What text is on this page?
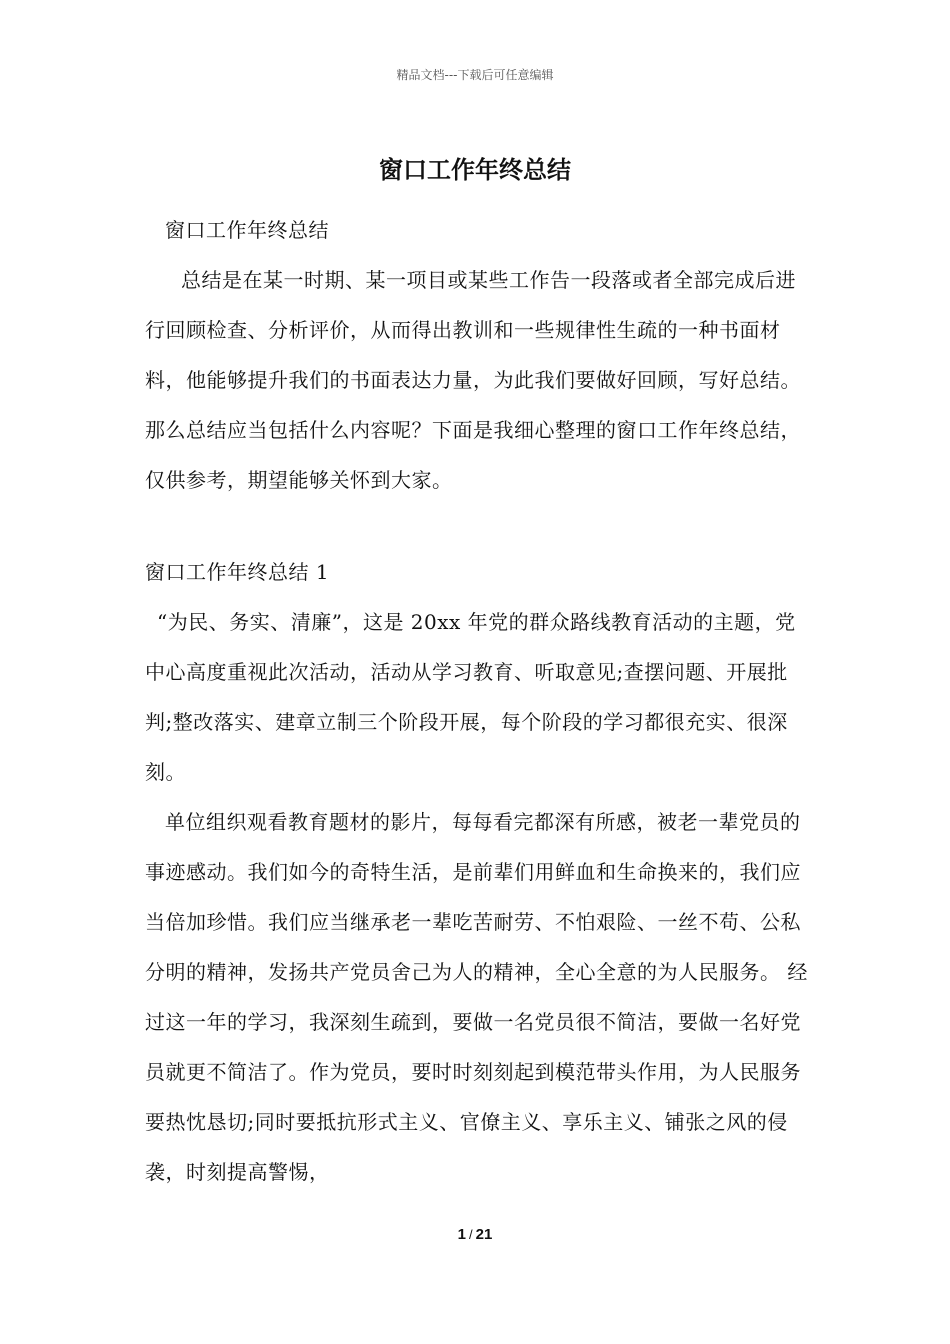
精品文档---下载后可任意编辑
窗口工作年终总结

窗口工作年终总结

总结是在某一时期、某一项目或某些工作告一段落或者全部完成后进行回顾检查、分析评价，从而得出教训和一些规律性生疏的一种书面材料，他能够提升我们的书面表达力量，为此我们要做好回顾，写好总结。那么总结应当包括什么内容呢？下面是我细心整理的窗口工作年终总结，仅供参考，期望能够关怀到大家。

窗口工作年终总结 1

“为民、务实、清廉”，这是 20xx 年党的群众路线教育活动的主题，党中心高度重视此次活动，活动从学习教育、听取意见;查摆问题、开展批判;整改落实、建章立制三个阶段开展，每个阶段的学习都很充实、很深刻。

单位组织观看教育题材的影片，每每看完都深有所感，被老一辈党员的事迹感动。我们如今的奇特生活，是前辈们用鲜血和生命换来的，我们应当倍加珍惜。我们应当继承老一辈吃苦耐劳、不怕艰险、一丝不苟、公私分明的精神，发扬共产党员舍己为人的精神，全心全意的为人民服务。 经过这一年的学习，我深刻生疏到，要做一名党员很不简洁，要做一名好党员就更不简洁了。作为党员，要时时刻刻起到模范带头作用，为人民服务要热忱恳切;同时要抵抗形式主义、官僚主义、享乐主义、铺张之风的侵袭，时刻提高警惕，

1 / 21
